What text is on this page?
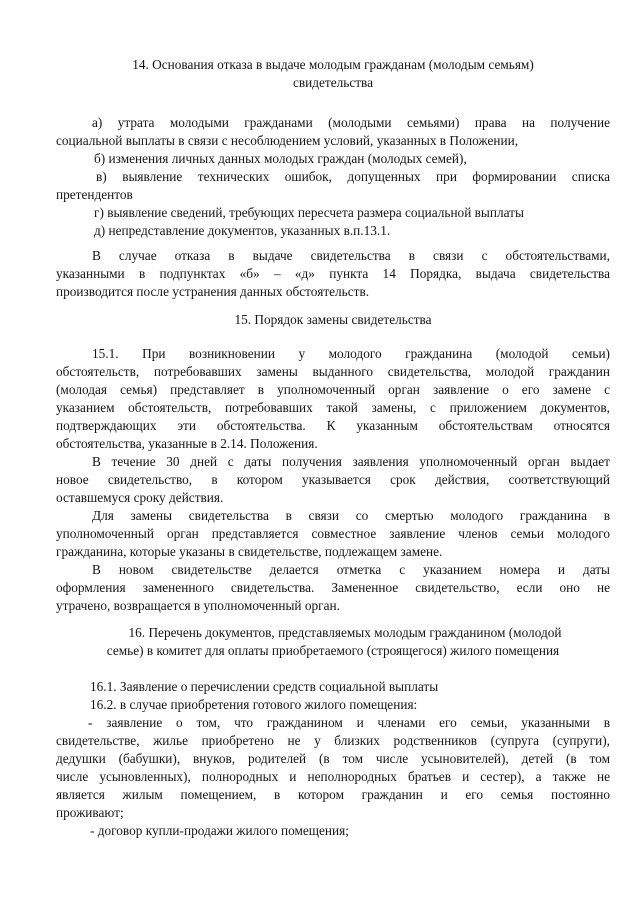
14. Основания отказа в выдаче молодым гражданам (молодым семьям)

свидетельства

а) утрата молодыми гражданами (молодыми семьями) права на получение

социальной выплаты в связи с несоблюдением условий, указанных в Положении,

б) изменения личных данных молодых граждан (молодых семей),

в) выявление технических ошибок, допущенных при формировании списка

претендентов

г) выявление сведений, требующих пересчета размера социальной выплаты

д) непредставление документов, указанных в.п.13.1.

В случае отказа в выдаче свидетельства в связи с обстоятельствами,

указанными в подпунктах «б» – «д» пункта 14 Порядка, выдача свидетельства

производится после устранения данных обстоятельств.

15. Порядок замены свидетельства

15.1. При возникновении у молодого гражданина (молодой семьи)

обстоятельств, потребовавших замены выданного свидетельства, молодой гражданин

(молодая семья) представляет в уполномоченный орган заявление о его замене с

указанием обстоятельств, потребовавших такой замены, с приложением документов,

подтверждающих эти обстоятельства. К указанным обстоятельствам относятся

обстоятельства, указанные в 2.14. Положения.

В течение 30 дней с даты получения заявления уполномоченный орган выдает

новое свидетельство, в котором указывается срок действия, соответствующий

оставшемуся сроку действия.

Для замены свидетельства в связи со смертью молодого гражданина в

уполномоченный орган представляется совместное заявление членов семьи молодого

гражданина, которые указаны в свидетельстве, подлежащем замене.

В новом свидетельстве делается отметка с указанием номера и даты

оформления замененного свидетельства. Замененное свидетельство, если оно не

утрачено, возвращается в уполномоченный орган.

16. Перечень документов, представляемых молодым гражданином (молодой

семье) в комитет для оплаты приобретаемого (строящегося) жилого помещения

16.1. Заявление о перечислении средств социальной выплаты

16.2. в случае приобретения готового жилого помещения:

- заявление о том, что гражданином и членами его семьи, указанными в

свидетельстве, жилье приобретено не у близких родственников (супруга (супруги),

дедушки (бабушки), внуков, родителей (в том числе усыновителей), детей (в том

числе усыновленных), полнородных и неполнородных братьев и сестер), а также не

является жилым помещением, в котором гражданин и его семья постоянно

проживают;

- договор купли-продажи жилого помещения;
